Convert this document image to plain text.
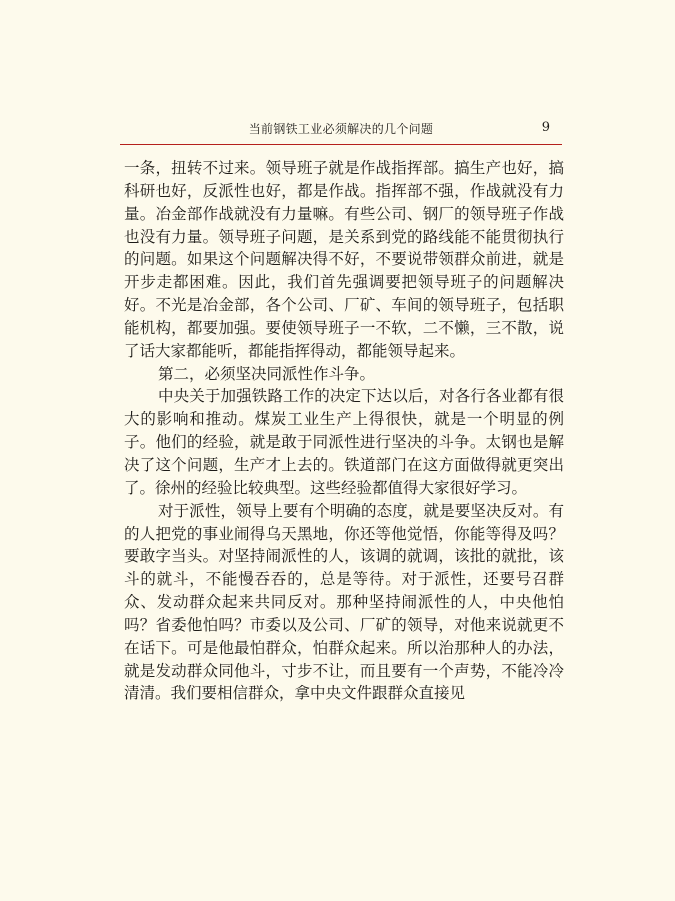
当前钢铁工业必须解决的几个问题	9

一条，扭转不过来。领导班子就是作战指挥部。搞生产也好，搞科研也好，反派性也好，都是作战。指挥部不强，作战就没有力量。冶金部作战就没有力量嘛。有些公司、钢厂的领导班子作战也没有力量。领导班子问题，是关系到党的路线能不能贯彻执行的问题。如果这个问题解决得不好，不要说带领群众前进，就是开步走都困难。因此，我们首先强调要把领导班子的问题解决好。不光是冶金部，各个公司、厂矿、车间的领导班子，包括职能机构，都要加强。要使领导班子一不软，二不懒，三不散，说了话大家都能听，都能指挥得动，都能领导起来。

第二，必须坚决同派性作斗争。

中央关于加强铁路工作的决定下达以后，对各行各业都有很大的影响和推动。煤炭工业生产上得很快，就是一个明显的例子。他们的经验，就是敢于同派性进行坚决的斗争。太钢也是解决了这个问题，生产才上去的。铁道部门在这方面做得就更突出了。徐州的经验比较典型。这些经验都值得大家很好学习。

对于派性，领导上要有个明确的态度，就是要坚决反对。有的人把党的事业闹得乌天黑地，你还等他觉悟，你能等得及吗？要敢字当头。对坚持闹派性的人，该调的就调，该批的就批，该斗的就斗，不能慢吞吞的，总是等待。对于派性，还要号召群众、发动群众起来共同反对。那种坚持闹派性的人，中央他怕吗？省委他怕吗？市委以及公司、厂矿的领导，对他来说就更不在话下。可是他最怕群众，怕群众起来。所以治那种人的办法，就是发动群众同他斗，寸步不让，而且要有一个声势，不能冷冷清清。我们要相信群众，拿中央文件跟群众直接见
